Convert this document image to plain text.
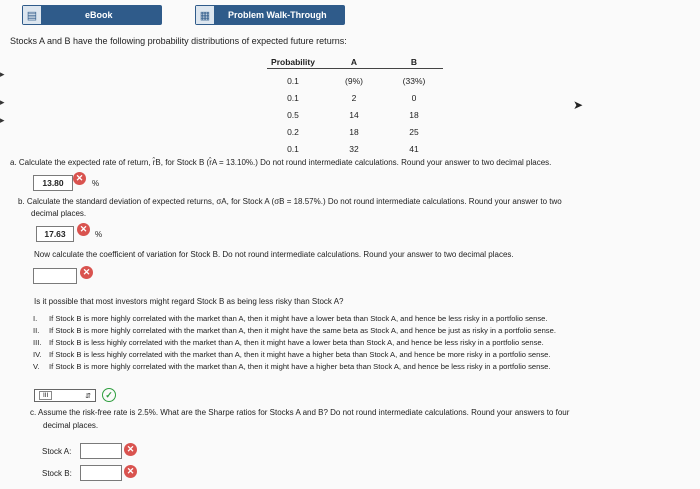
▤	eBook	▦	Problem Walk-Through
▸
▸
▸
Stocks A and B have the following probability distributions of expected future returns:
Probability	A	B
0.1	(9%)	(33%)
0.1	2	0
0.5	14	18
0.2	18	25
0.1	32	41
➤
a. Calculate the expected rate of return, r̂B, for Stock B (r̂A = 13.10%.) Do not round intermediate calculations. Round your answer to two decimal places.
13.80	✕
%
b. Calculate the standard deviation of expected returns, σA, for Stock A (σB = 18.57%.) Do not round intermediate calculations. Round your answer to two
decimal places.
17.63	✕
%
Now calculate the coefficient of variation for Stock B. Do not round intermediate calculations. Round your answer to two decimal places.
✕
Is it possible that most investors might regard Stock B as being less risky than Stock A?
I. If Stock B is more highly correlated with the market than A, then it might have a lower beta than Stock A, and hence be less risky in a portfolio sense.
II. If Stock B is more highly correlated with the market than A, then it might have the same beta as Stock A, and hence be just as risky in a portfolio sense.
III. If Stock B is less highly correlated with the market than A, then it might have a lower beta than Stock A, and hence be less risky in a portfolio sense.
IV. If Stock B is less highly correlated with the market than A, then it might have a higher beta than Stock A, and hence be more risky in a portfolio sense.
V. If Stock B is more highly correlated with the market than A, then it might have a higher beta than Stock A, and hence be less risky in a portfolio sense.
III	⇵	✓
c. Assume the risk-free rate is 2.5%. What are the Sharpe ratios for Stocks A and B? Do not round intermediate calculations. Round your answers to four
decimal places.
Stock A:	✕
Stock B:	✕
